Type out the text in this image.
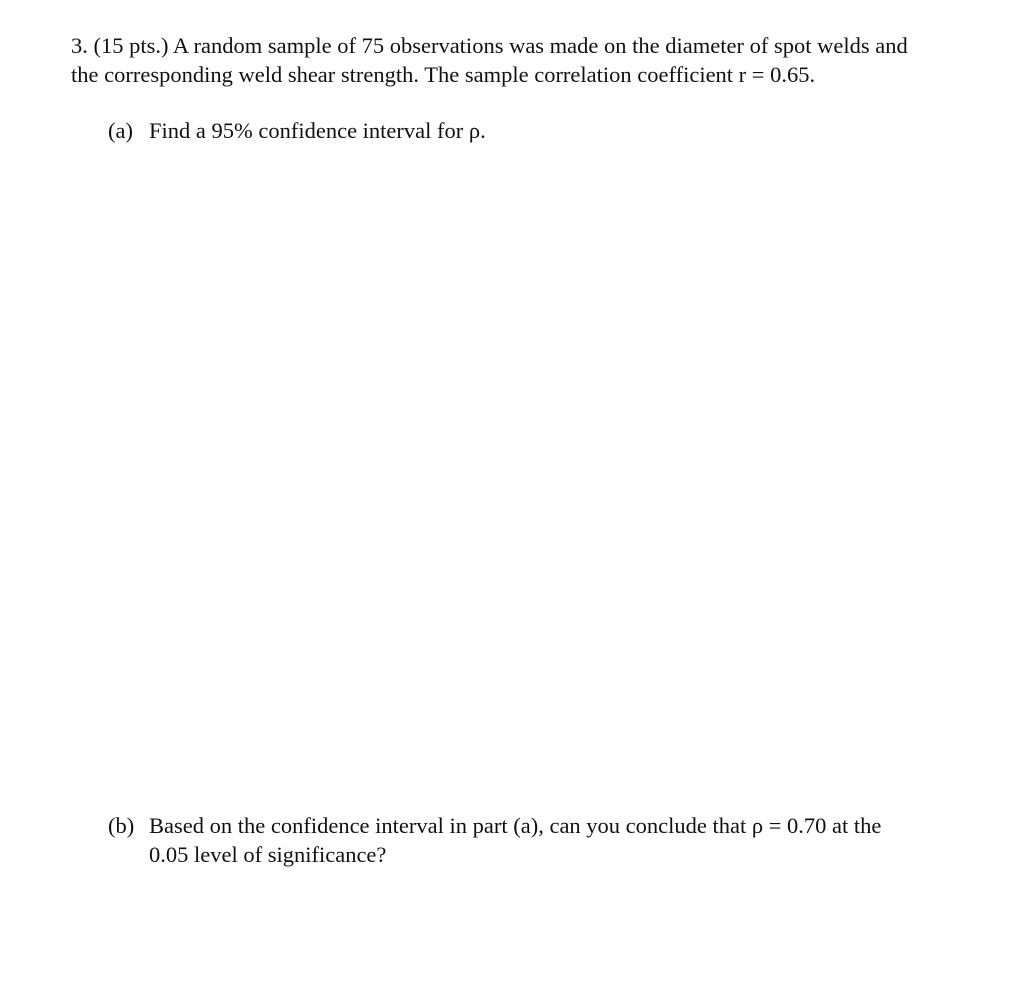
3. (15 pts.) A random sample of 75 observations was made on the diameter of spot welds and
the corresponding weld shear strength. The sample correlation coefficient r = 0.65.
(a) Find a 95% confidence interval for ρ.
(b) Based on the confidence interval in part (a), can you conclude that ρ = 0.70 at the
0.05 level of significance?
